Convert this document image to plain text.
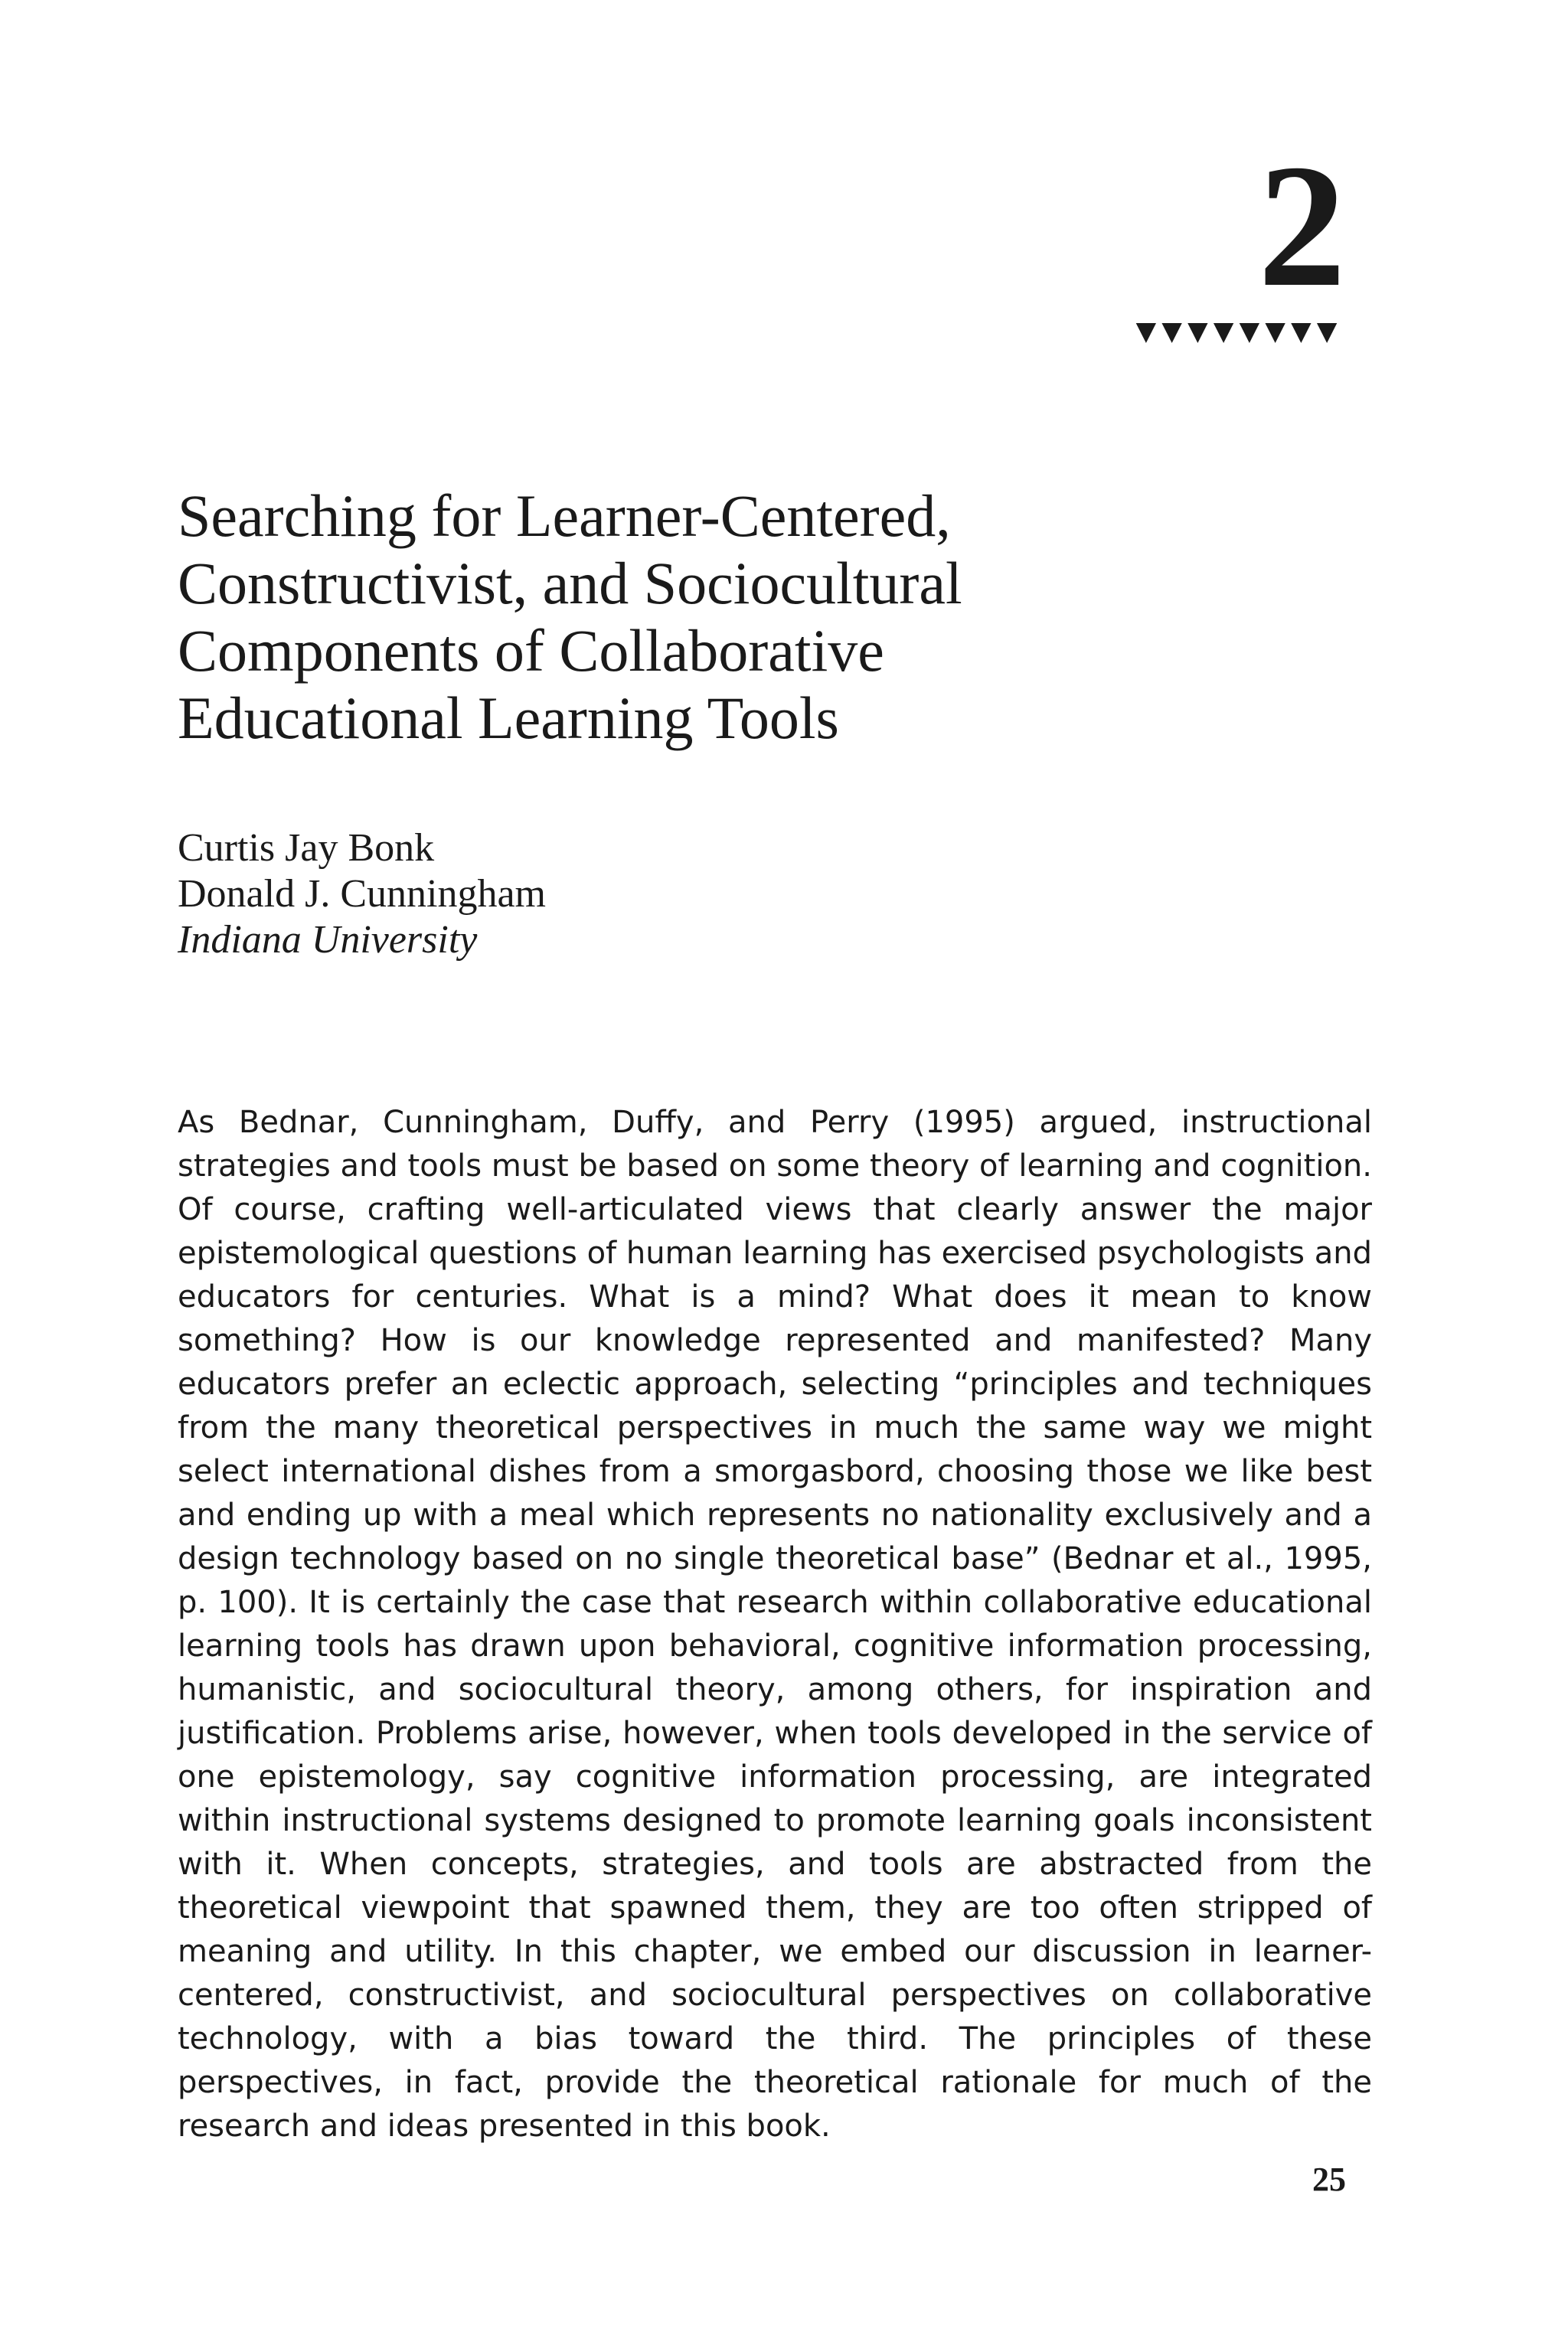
2
Searching for Learner-Centered,
Constructivist, and Sociocultural
Components of Collaborative
Educational Learning Tools
Curtis Jay Bonk
Donald J. Cunningham
Indiana University

As Bednar, Cunningham, Duffy, and Perry (1995) argued, instructional strategies and tools must be based on some theory of learning and cognition. Of course, crafting well-articulated views that clearly answer the major epistemological questions of human learning has exercised psychologists and educators for centuries. What is a mind? What does it mean to know something? How is our knowledge represented and manifested? Many educators prefer an eclectic approach, selecting “principles and techniques from the many theoretical perspectives in much the same way we might select international dishes from a smorgasbord, choosing those we like best and ending up with a meal which represents no nationality exclusively and a design technology based on no single theoretical base” (Bednar et al., 1995, p. 100). It is certainly the case that research within collaborative educational learning tools has drawn upon behavioral, cognitive information processing, humanistic, and sociocultural theory, among others, for inspiration and justification. Problems arise, however, when tools developed in the service of one epistemology, say cognitive information processing, are integrated within instructional systems designed to promote learning goals inconsistent with it. When concepts, strategies, and tools are abstracted from the theoretical viewpoint that spawned them, they are too often stripped of meaning and utility. In this chapter, we embed our discussion in learner-centered, constructivist, and sociocultural perspectives on collaborative technology, with a bias toward the third. The principles of these perspectives, in fact, provide the theoretical rationale for much of the research and ideas presented in this book.

25
